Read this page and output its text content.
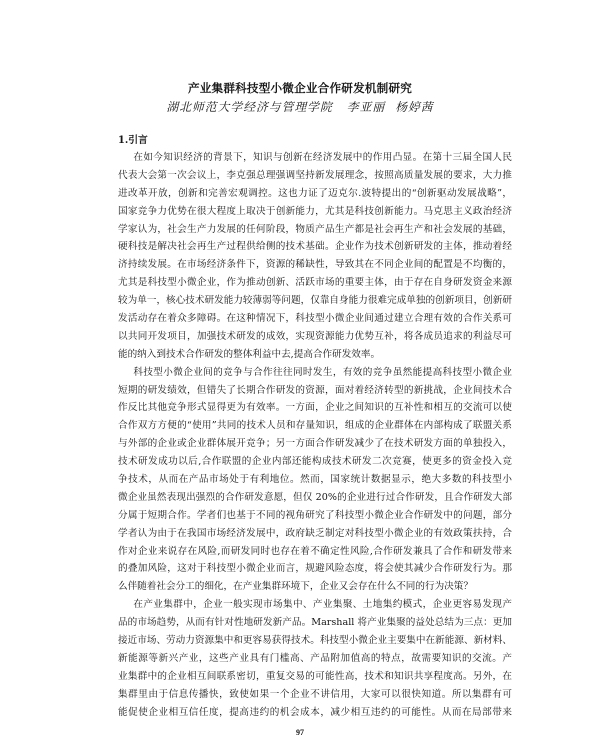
产业集群科技型小微企业合作研发机制研究
湖北师范大学经济与管理学院 李亚丽 杨婷茜
1.引言
在如今知识经济的背景下，知识与创新在经济发展中的作用凸显。在第十三届全国人民
代表大会第一次会议上，李克强总理强调坚持新发展理念，按照高质量发展的要求，大力推
进改革开放，创新和完善宏观调控。这也力证了迈克尔.波特提出的“创新驱动发展战略”，
国家竞争力优势在很大程度上取决于创新能力，尤其是科技创新能力。马克思主义政治经济
学家认为，社会生产力发展的任何阶段，物质产品生产都是社会再生产和社会发展的基础，
硬科技是解决社会再生产过程供给侧的技术基础。企业作为技术创新研发的主体，推动着经
济持续发展。在市场经济条件下，资源的稀缺性，导致其在不同企业间的配置是不均衡的，
尤其是科技型小微企业，作为推动创新、活跃市场的重要主体，由于存在自身研发资金来源
较为单一，核心技术研发能力较薄弱等问题，仅靠自身能力很难完成单独的创新项目，创新研
发活动存在着众多障碍。在这种情况下，科技型小微企业间通过建立合理有效的合作关系可
以共同开发项目，加强技术研发的成效，实现资源能力优势互补，将各成员追求的利益尽可
能的纳入到技术合作研发的整体利益中去,提高合作研发效率。
科技型小微企业间的竞争与合作往往同时发生，有效的竞争虽然能提高科技型小微企业
短期的研发绩效，但错失了长期合作研发的资源，面对着经济转型的新挑战，企业间技术合
作反比其他竞争形式显得更为有效率。一方面，企业之间知识的互补性和相互的交流可以使
合作双方方便的“使用”共同的技术人员和存量知识，组成的企业群体在内部构成了联盟关系
与外部的企业或企业群体展开竞争；另一方面合作研发减少了在技术研发方面的单独投入，
技术研发成功以后,合作联盟的企业内部还能构成技术研发二次竞赛，使更多的资金投入竞
争技术，从而在产品市场处于有利地位。然而，国家统计数据显示，绝大多数的科技型小
微企业虽然表现出强烈的合作研发意愿，但仅 20%的企业进行过合作研发，且合作研发大部
分属于短期合作。学者们也基于不同的视角研究了科技型小微企业合作研发中的问题，部分
学者认为由于在我国市场经济发展中，政府缺乏制定对科技型小微企业的有效政策扶持，合
作对企业来说存在风险,而研发同时也存在着不确定性风险,合作研发兼具了合作和研发带来
的叠加风险，这对于科技型小微企业而言，规避风险态度，将会使其减少合作研发行为。那
么伴随着社会分工的细化，在产业集群环境下，企业又会存在什么不同的行为决策？
在产业集群中，企业一般实现市场集中、产业集聚、土地集约模式，企业更容易发现产
品的市场趋势，从而有针对性地研发新产品。Marshall 将产业集聚的益处总结为三点：更加
接近市场、劳动力资源集中和更容易获得技术。科技型小微企业主要集中在新能源、新材料、
新能源等新兴产业，这些产业具有门槛高、产品附加值高的特点，故需要知识的交流。产
业集群中的企业相互间联系密切，重复交易的可能性高，技术和知识共享程度高。另外，在
集群里由于信息传播快，致使如果一个企业不讲信用，大家可以很快知道。所以集群有可
能促使企业相互信任度，提高违约的机会成本，减少相互违约的可能性。从而在局部带来
97
